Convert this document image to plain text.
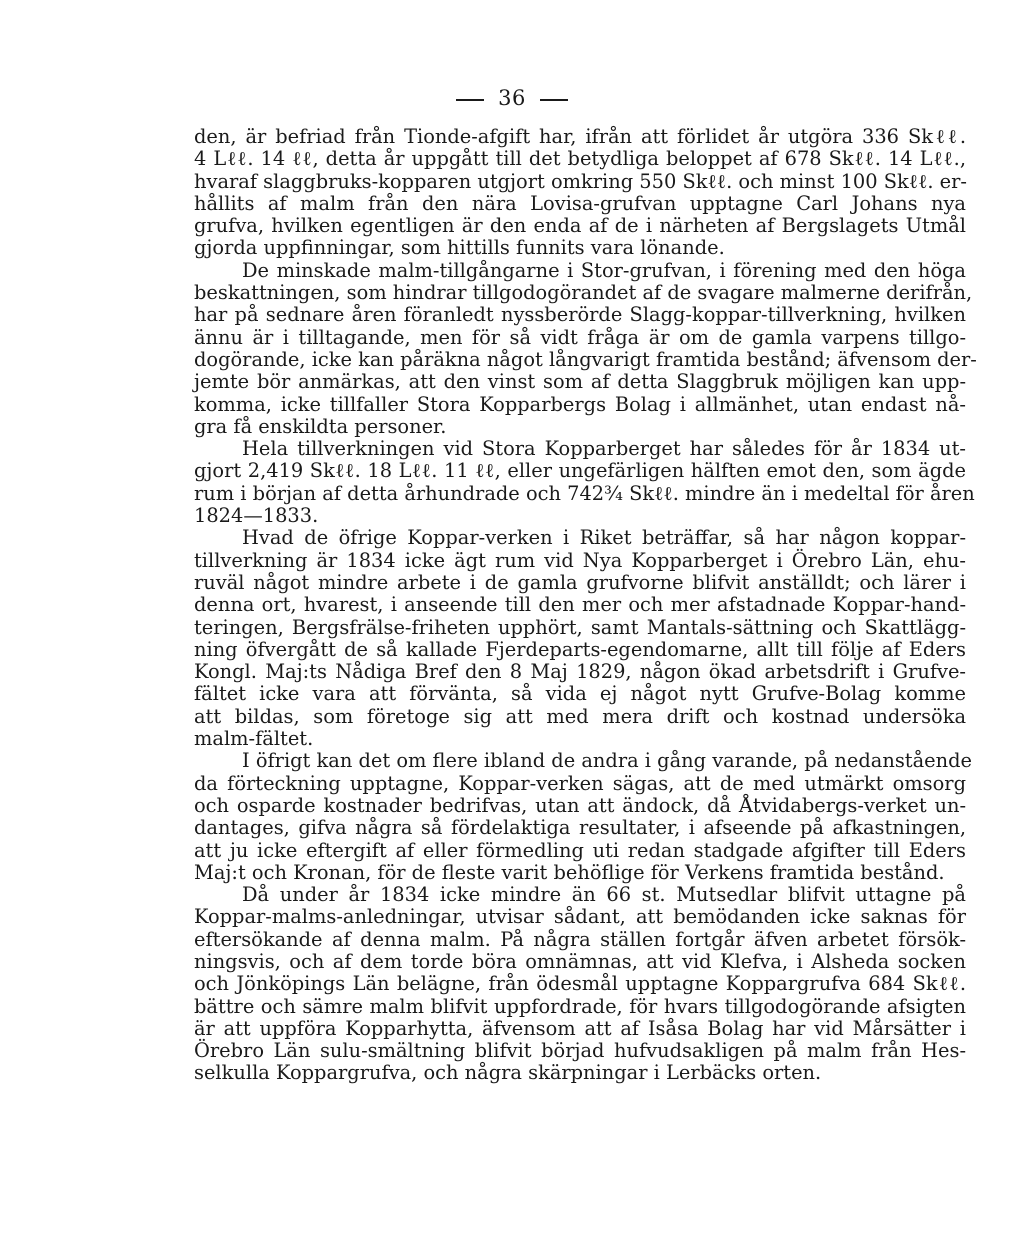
36
den, är befriad från Tionde-afgift har, ifrån att förlidet år utgöra 336 Skℓℓ.
4 Lℓℓ. 14 ℓℓ, detta år uppgått till det betydliga beloppet af 678 Skℓℓ. 14 Lℓℓ.,
hvaraf slaggbruks-kopparen utgjort omkring 550 Skℓℓ. och minst 100 Skℓℓ. er-
hållits af malm från den nära Lovisa-grufvan upptagne Carl Johans nya
grufva, hvilken egentligen är den enda af de i närheten af Bergslagets Utmål
gjorda uppfinningar, som hittills funnits vara lönande.
De minskade malm-tillgångarne i Stor-grufvan, i förening med den höga
beskattningen, som hindrar tillgodogörandet af de svagare malmerne derifrån,
har på sednare åren föranledt nyssberörde Slagg-koppar-tillverkning, hvilken
ännu är i tilltagande, men för så vidt fråga är om de gamla varpens tillgo-
dogörande, icke kan påräkna något långvarigt framtida bestånd; äfvensom der-
jemte bör anmärkas, att den vinst som af detta Slaggbruk möjligen kan upp-
komma, icke tillfaller Stora Kopparbergs Bolag i allmänhet, utan endast nå-
gra få enskildta personer.
Hela tillverkningen vid Stora Kopparberget har således för år 1834 ut-
gjort 2,419 Skℓℓ. 18 Lℓℓ. 11 ℓℓ, eller ungefärligen hälften emot den, som ägde
rum i början af detta århundrade och 742¾ Skℓℓ. mindre än i medeltal för åren
1824—1833.
Hvad de öfrige Koppar-verken i Riket beträffar, så har någon koppar-
tillverkning är 1834 icke ägt rum vid Nya Kopparberget i Örebro Län, ehu-
ruväl något mindre arbete i de gamla grufvorne blifvit anställdt; och lärer i
denna ort, hvarest, i anseende till den mer och mer afstadnade Koppar-hand-
teringen, Bergsfrälse-friheten upphört, samt Mantals-sättning och Skattlägg-
ning öfvergått de så kallade Fjerdeparts-egendomarne, allt till följe af Eders
Kongl. Maj:ts Nådiga Bref den 8 Maj 1829, någon ökad arbetsdrift i Grufve-
fältet icke vara att förvänta, så vida ej något nytt Grufve-Bolag komme
att bildas, som företoge sig att med mera drift och kostnad undersöka
malm-fältet.
I öfrigt kan det om flere ibland de andra i gång varande, på nedanstående
da förteckning upptagne, Koppar-verken sägas, att de med utmärkt omsorg
och osparde kostnader bedrifvas, utan att ändock, då Åtvidabergs-verket un-
dantages, gifva några så fördelaktiga resultater, i afseende på afkastningen,
att ju icke eftergift af eller förmedling uti redan stadgade afgifter till Eders
Maj:t och Kronan, för de fleste varit behöflige för Verkens framtida bestånd.
Då under år 1834 icke mindre än 66 st. Mutsedlar blifvit uttagne på
Koppar-malms-anledningar, utvisar sådant, att bemödanden icke saknas för
eftersökande af denna malm. På några ställen fortgår äfven arbetet försök-
ningsvis, och af dem torde böra omnämnas, att vid Klefva, i Alsheda socken
och Jönköpings Län belägne, från ödesmål upptagne Koppargrufva 684 Skℓℓ.
bättre och sämre malm blifvit uppfordrade, för hvars tillgodogörande afsigten
är att uppföra Kopparhytta, äfvensom att af Isåsa Bolag har vid Mårsätter i
Örebro Län sulu-smältning blifvit börjad hufvudsakligen på malm från Hes-
selkulla Koppargrufva, och några skärpningar i Lerbäcks orten.
